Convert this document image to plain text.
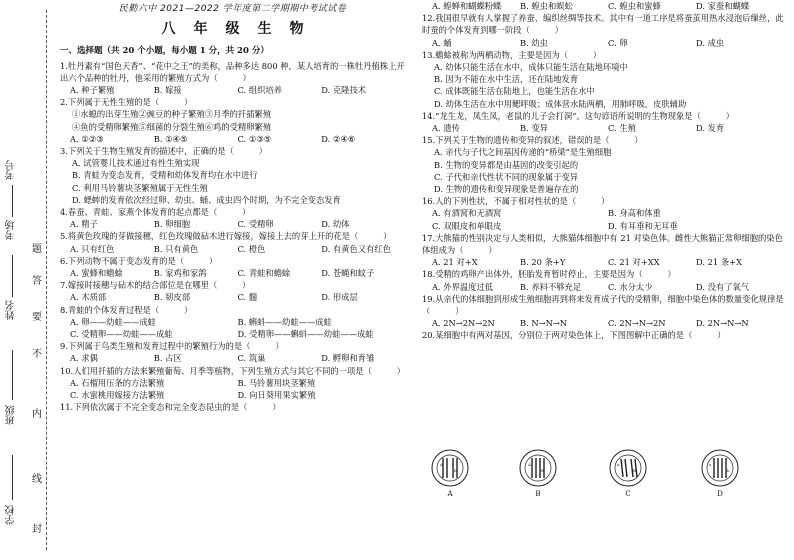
学校
班级
姓名
考场
考号
封
线
内
不
要
答
题
民勤六中 2021—2022 学年度第二学期期中考试试卷
八年级生物
一、选择题（共 20 个小题，每小题 1 分，共 20 分）
1.牡丹素有“国色天香”、“花中之王”的美称，品种多达 800 种，某人培育的一株牡丹植株上开出六个品种的牡丹，他采用的繁殖方式为（　　　）
A. 种子繁殖	B. 嫁接	C. 组织培养	D. 克隆技术
2.下列属于无性生殖的是（　　　）
①水螅的出芽生殖②豌豆的种子繁殖③月季的扦插繁殖
④鱼的受精卵繁殖⑤细菌的分裂生殖⑥鸡的受精卵繁殖
A. ①②③	B. ①④⑤	C. ①③⑤	D. ②④⑥
3.下列关于生物生殖发育的描述中，正确的是（　　　）
A. 试管婴儿技术通过有性生殖实现
B. 青蛙为变态发育，受精和幼体发育均在水中进行
C. 利用马铃薯块茎繁殖属于无性生殖
D. 蟋蟀的发育依次经过卵、幼虫、蛹、成虫四个时期，为不完全变态发育
4.春蚕、青蛙、家燕个体发育的起点都是（　　　）
A. 精子	B. 卵细胞	C. 受精卵	D. 幼体
5.将黄色玫瑰的芽做接穗，红色玫瑰做砧木进行嫁接，嫁接上去的芽上开的花是（　　　）
A. 只有红色	B. 只有黄色	C. 橙色	D. 有黄色又有红色
6.下列动物不属于变态发育的是（　　　）
A. 蜜蜂和蟾蜍	B. 家鸡和家鸽	C. 青蛙和蟾蜍	D. 苍蝇和蚊子
7.嫁接时接穗与砧木的结合部位是在哪里（　　　）
A. 木质部	B. 韧皮部	C. 髓	D. 形成层
8.青蛙的个体发育过程是（　　　）
A. 卵——幼蛙——成蛙	B. 蝌蚪——幼蛙——成蛙
C. 受精卵——幼蛙——成蛙	D. 受精卵——蝌蚪——幼蛙——成蛙
9.下列属于鸟类生殖和发育过程中的繁殖行为的是（　　　）
A. 求偶	B. 占区	C. 筑巢	D. 孵卵和育雏
10.人们用扦插的方法来繁殖葡萄、月季等植物，下列生殖方式与其它不同的一项是（　　　）
A. 石榴用压条的方法繁殖	B. 马铃薯用块茎繁殖
C. 水蜜桃用嫁接方法繁殖	D. 向日葵用果实繁殖
11.下列依次属于不完全变态和完全变态昆虫的是（　　　）
A. 蝗蝉和蝴蝶粉蝶	B. 蝗虫和蜈蚣	C. 蝗虫和蜜蜂	D. 家蚕和蝴蝶
12.我国很早就有人掌握了养蚕、编织丝绸等技术。其中有一道工序是将蚕茧用热水浸泡后缫丝，此时蚕的个体发育到哪一阶段（　　　）
A. 蛹	B. 幼虫	C. 卵	D. 成虫
13.蟾蜍被称为两栖动物，主要是因为（　　　）
A. 幼体只能生活在水中，成体只能生活在陆地环境中
B. 因为不能在水中生活，还在陆地发育
C. 成体既能生活在陆地上，也能生活在水中
D. 幼体生活在水中用鳃呼吸；成体营水陆两栖，用肺呼吸，皮肤辅助
14.“龙生龙，凤生凤，老鼠的儿子会打洞”。这句谚语所说明的生物现象是（　　　）
A. 遗传	B. 变异	C. 生殖	D. 发育
15.下列关于生物的遗传和变异的叙述，错误的是（　　　）
A. 亲代与子代之间基因传递的“桥梁”是生殖细胞
B. 生物的变异都是由基因的改变引起的
C. 子代和亲代性状不同的现象属于变异
D. 生物的遗传和变异现象是普遍存在的
16.人的下列性状，不属于相对性状的是（　　　）
A. 有酒窝和无酒窝	B. 身高和体重
C. 双眼皮和单眼皮	D. 有耳垂和无耳垂
17.大熊猫的性别决定与人类相似，大熊猫体细胞中有 21 对染色体。雌性大熊猫正常卵细胞的染色体组成为（　　　）
A. 21 对+X	B. 20 条+Y	C. 21 对+XX	D. 21 条+X
18.受精的鸡卵产出体外，胚胎发育暂时停止，主要是因为（　　　）
A. 外界温度过低	B. 养料不够充足	C. 水分太少	D. 没有了氧气
19.从亲代的体细胞到形成生殖细胞再到将来发育成子代的受精卵，细胞中染色体的数量变化规律是（　　　）
A. 2N→2N→2N	B. N→N→N	C. 2N→N→2N	D. 2N→N→N
20.某细胞中有两对基因，分别位于两对染色体上，下图图解中正确的是（　　　）
A
b
A
A
B
B
a
B
C
a
b
D
